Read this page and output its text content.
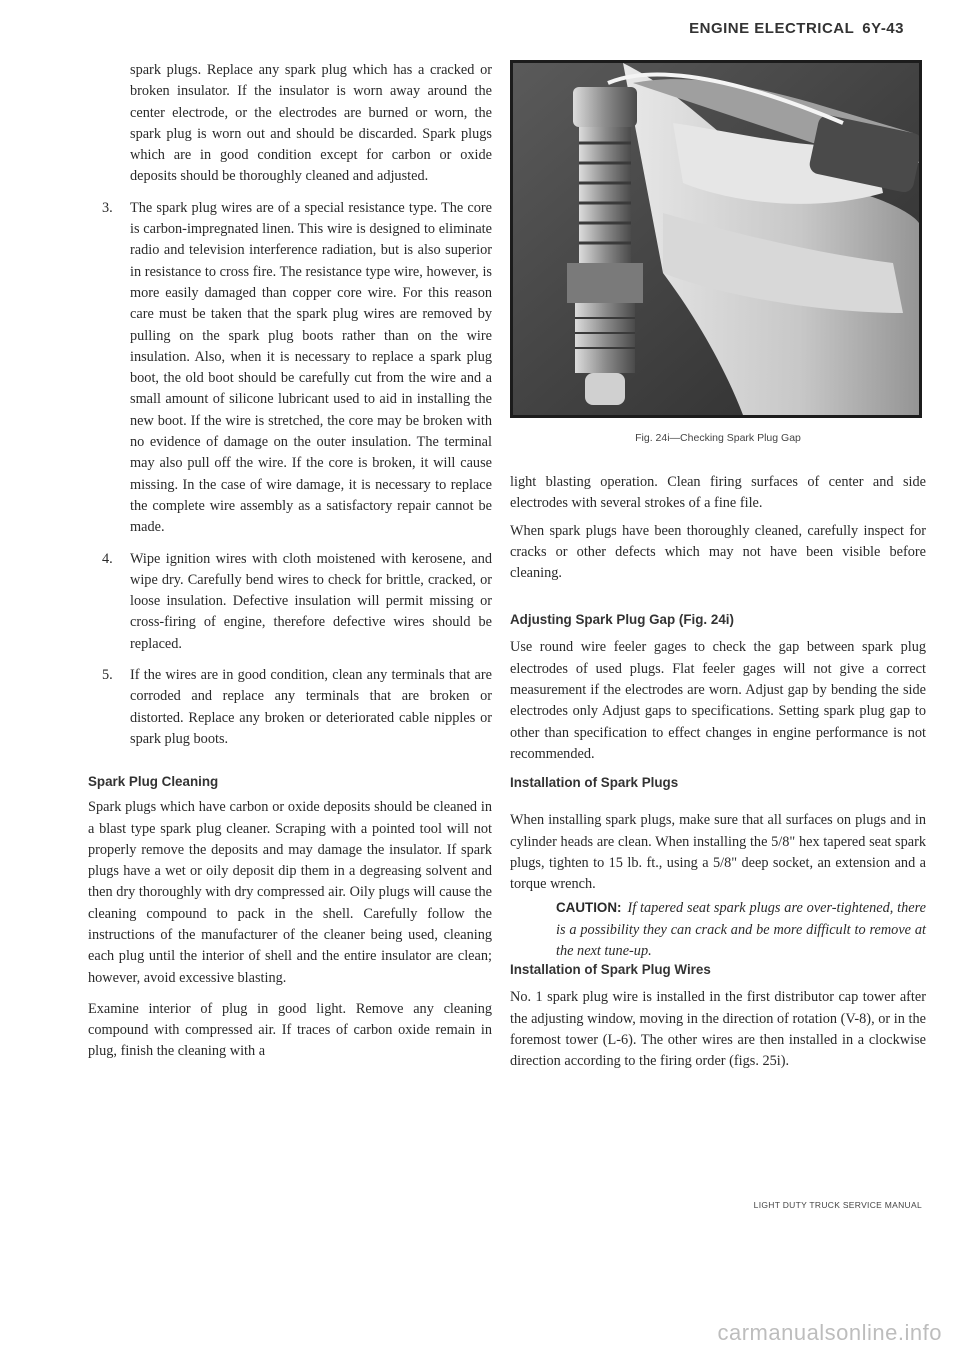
ENGINE ELECTRICAL 6Y-43

spark plugs. Replace any spark plug which has a cracked or broken insulator. If the insulator is worn away around the center electrode, or the electrodes are burned or worn, the spark plug is worn out and should be discarded. Spark plugs which are in good condition except for carbon or oxide deposits should be thoroughly cleaned and adjusted.

3.	The spark plug wires are of a special resistance type. The core is carbon-impregnated linen. This wire is designed to eliminate radio and television interference radiation, but is also superior in resistance to cross fire. The resistance type wire, however, is more easily damaged than copper core wire. For this reason care must be taken that the spark plug wires are removed by pulling on the spark plug boots rather than on the wire insulation. Also, when it is necessary to replace a spark plug boot, the old boot should be carefully cut from the wire and a small amount of silicone lubricant used to aid in installing the new boot. If the wire is stretched, the core may be broken with no evidence of damage on the outer insulation. The terminal may also pull off the wire. If the core is broken, it will cause missing. In the case of wire damage, it is necessary to replace the complete wire assembly as a satisfactory repair cannot be made.

4.	Wipe ignition wires with cloth moistened with kerosene, and wipe dry. Carefully bend wires to check for brittle, cracked, or loose insulation. Defective insulation will permit missing or cross-firing of engine, therefore defective wires should be replaced.

5.	If the wires are in good condition, clean any terminals that are corroded and replace any terminals that are broken or distorted. Replace any broken or deteriorated cable nipples or spark plug boots.

Spark Plug Cleaning

Spark plugs which have carbon or oxide deposits should be cleaned in a blast type spark plug cleaner. Scraping with a pointed tool will not properly remove the deposits and may damage the insulator. If spark plugs have a wet or oily deposit dip them in a degreasing solvent and then dry thoroughly with dry compressed air. Oily plugs will cause the cleaning compound to pack in the shell. Carefully follow the instructions of the manufacturer of the cleaner being used, cleaning each plug until the interior of shell and the entire insulator are clean; however, avoid excessive blasting.

Examine interior of plug in good light. Remove any cleaning compound with compressed air. If traces of carbon oxide remain in plug, finish the cleaning with a

Fig. 24i—Checking Spark Plug Gap

light blasting operation. Clean firing surfaces of center and side electrodes with several strokes of a fine file.

When spark plugs have been thoroughly cleaned, carefully inspect for cracks or other defects which may not have been visible before cleaning.

Adjusting Spark Plug Gap (Fig. 24i)

Use round wire feeler gages to check the gap between spark plug electrodes of used plugs. Flat feeler gages will not give a correct measurement if the electrodes are worn. Adjust gap by bending the side electrodes only Adjust gaps to specifications. Setting spark plug gap to other than specification to effect changes in engine performance is not recommended.

Installation of Spark Plugs

When installing spark plugs, make sure that all surfaces on plugs and in cylinder heads are clean. When installing the 5/8" hex tapered seat spark plugs, tighten to 15 lb. ft., using a 5/8" deep socket, an extension and a torque wrench.

CAUTION: If tapered seat spark plugs are over-tightened, there is a possibility they can crack and be more difficult to remove at the next tune-up.

Installation of Spark Plug Wires

No. 1 spark plug wire is installed in the first distributor cap tower after the adjusting window, moving in the direction of rotation (V-8), or in the foremost tower (L-6). The other wires are then installed in a clockwise direction according to the firing order (figs. 25i).

LIGHT DUTY TRUCK SERVICE MANUAL
carmanualsonline.info
